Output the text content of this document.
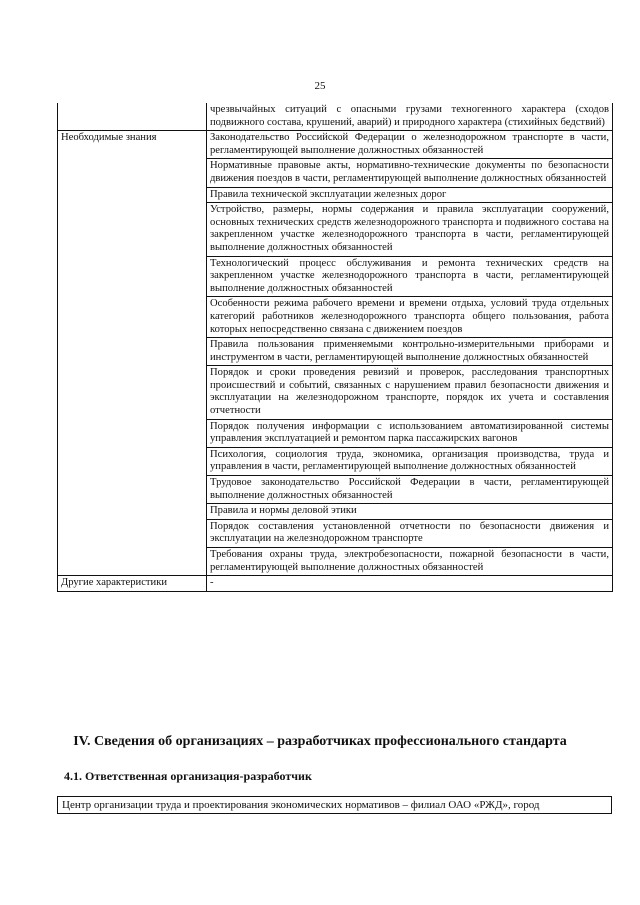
25
	чрезвычайных ситуаций с опасными грузами техногенного характера (сходов подвижного состава, крушений, аварий) и природного характера (стихийных бедствий)
Необходимые знания	Законодательство Российской Федерации о железнодорожном транспорте в части, регламентирующей выполнение должностных обязанностей
	Нормативные правовые акты, нормативно-технические документы по безопасности движения поездов в части, регламентирующей выполнение должностных обязанностей
	Правила технической эксплуатации железных дорог
	Устройство, размеры, нормы содержания и правила эксплуатации сооружений, основных технических средств железнодорожного транспорта и подвижного состава на закрепленном участке железнодорожного транспорта в части, регламентирующей выполнение должностных обязанностей
	Технологический процесс обслуживания и ремонта технических средств на закрепленном участке железнодорожного транспорта в части, регламентирующей выполнение должностных обязанностей
	Особенности режима рабочего времени и времени отдыха, условий труда отдельных категорий работников железнодорожного транспорта общего пользования, работа которых непосредственно связана с движением поездов
	Правила пользования применяемыми контрольно-измерительными приборами и инструментом в части, регламентирующей выполнение должностных обязанностей
	Порядок и сроки проведения ревизий и проверок, расследования транспортных происшествий и событий, связанных с нарушением правил безопасности движения и эксплуатации на железнодорожном транспорте, порядок их учета и составления отчетности
	Порядок получения информации с использованием автоматизированной системы управления эксплуатацией и ремонтом парка пассажирских вагонов
	Психология, социология труда, экономика, организация производства, труда и управления в части, регламентирующей выполнение должностных обязанностей
	Трудовое законодательство Российской Федерации в части, регламентирующей выполнение должностных обязанностей
	Правила и нормы деловой этики
	Порядок составления установленной отчетности по безопасности движения и эксплуатации на железнодорожном транспорте
	Требования охраны труда, электробезопасности, пожарной безопасности в части, регламентирующей выполнение должностных обязанностей
Другие характеристики	-
IV. Сведения об организациях – разработчиках профессионального стандарта
4.1. Ответственная организация-разработчик
Центр организации труда и проектирования экономических нормативов – филиал ОАО «РЖД», город
